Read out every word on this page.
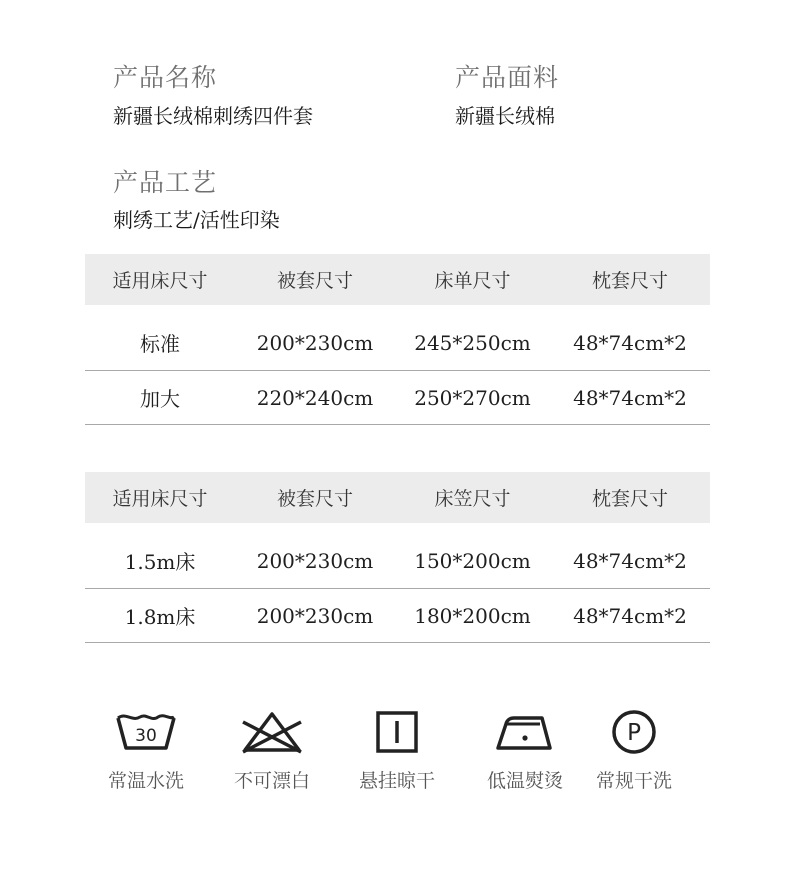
产品名称
新疆长绒棉刺绣四件套
产品面料
新疆长绒棉
产品工艺
刺绣工艺/活性印染
适用床尺寸	被套尺寸	床单尺寸	枕套尺寸
标准	200*230cm	245*250cm	48*74cm*2
加大	220*240cm	250*270cm	48*74cm*2
适用床尺寸	被套尺寸	床笠尺寸	枕套尺寸
1.5m床	200*230cm	150*200cm	48*74cm*2
1.8m床	200*230cm	180*200cm	48*74cm*2
30
常温水洗	不可漂白	悬挂晾干	低温熨烫
P
常规干洗
